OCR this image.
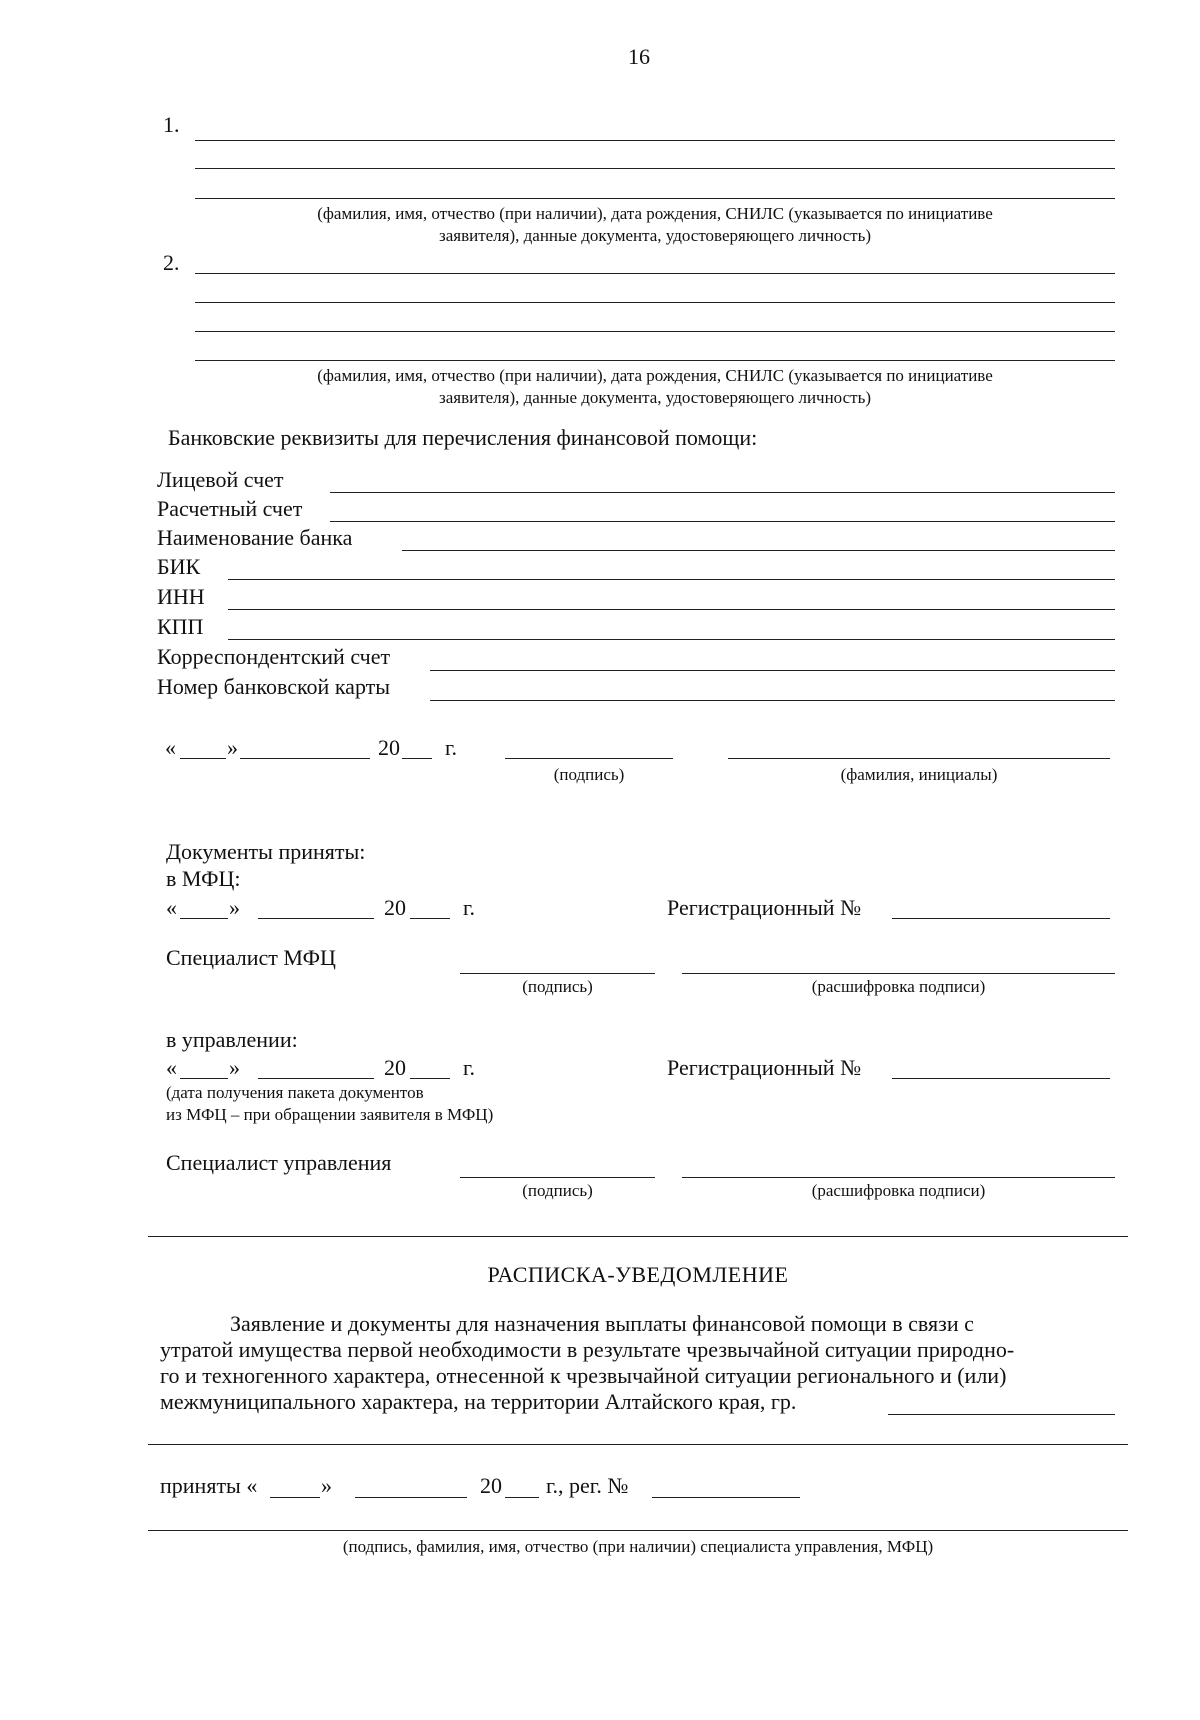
16
1.
(фамилия, имя, отчество (при наличии), дата рождения, СНИЛС (указывается по инициативе
заявителя), данные документа, удостоверяющего личность)
2.
(фамилия, имя, отчество (при наличии), дата рождения, СНИЛС (указывается по инициативе
заявителя), данные документа, удостоверяющего личность)
Банковские реквизиты для перечисления финансовой помощи:
Лицевой счет
Расчетный счет
Наименование банка
БИК
ИНН
КПП
Корреспондентский счет
Номер банковской карты
« »	20 г.
(подпись)	(фамилия, инициалы)
Документы приняты:
в МФЦ:
« »	20	г.	Регистрационный №
Специалист МФЦ
(подпись)	(расшифровка подписи)
в управлении:
« »	20	г.	Регистрационный №
(дата получения пакета документов
из МФЦ – при обращении заявителя в МФЦ)
Специалист управления
(подпись)	(расшифровка подписи)
РАСПИСКА-УВЕДОМЛЕНИЕ
Заявление и документы для назначения выплаты финансовой помощи в связи с
утратой имущества первой необходимости в результате чрезвычайной ситуации природно-
го и техногенного характера, отнесенной к чрезвычайной ситуации регионального и (или)
межмуниципального характера, на территории Алтайского края, гр.
приняты «	»	20 г., рег. №
(подпись, фамилия, имя, отчество (при наличии) специалиста управления, МФЦ)
